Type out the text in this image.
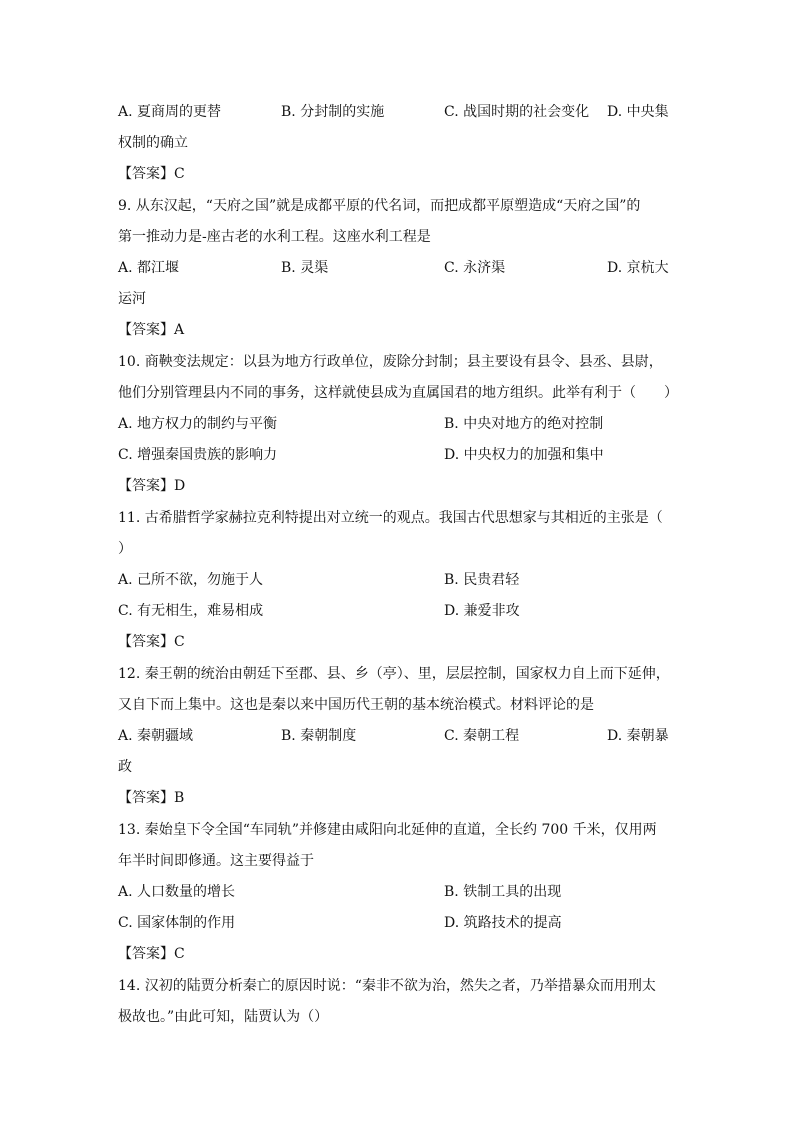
A. 夏商周的更替	B. 分封制的实施	C. 战国时期的社会变化 D. 中央集
权制的确立
【答案】C
9. 从东汉起，“天府之国”就是成都平原的代名词，而把成都平原塑造成“天府之国”的
第一推动力是-座古老的水利工程。这座水利工程是
A. 都江堰	B. 灵渠	C. 永济渠	D. 京杭大
运河
【答案】A
10. 商鞅变法规定：以县为地方行政单位，废除分封制；县主要设有县令、县丞、县尉，
他们分别管理县内不同的事务，这样就使县成为直属国君的地方组织。此举有利于（　　）
A. 地方权力的制约与平衡	B. 中央对地方的绝对控制
C. 增强秦国贵族的影响力	D. 中央权力的加强和集中
【答案】D
11. 古希腊哲学家赫拉克利特提出对立统一的观点。我国古代思想家与其相近的主张是（
）
A. 己所不欲，勿施于人	B. 民贵君轻
C. 有无相生，难易相成	D. 兼爱非攻
【答案】C
12. 秦王朝的统治由朝廷下至郡、县、乡（亭）、里，层层控制，国家权力自上而下延伸，
又自下而上集中。这也是秦以来中国历代王朝的基本统治模式。材料评论的是
A. 秦朝疆域	B. 秦朝制度	C. 秦朝工程	D. 秦朝暴
政
【答案】B
13. 秦始皇下令全国“车同轨”并修建由咸阳向北延伸的直道，全长约 700 千米，仅用两
年半时间即修通。这主要得益于
A. 人口数量的增长	B. 铁制工具的出现
C. 国家体制的作用	D. 筑路技术的提高
【答案】C
14. 汉初的陆贾分析秦亡的原因时说：“秦非不欲为治，然失之者，乃举措暴众而用刑太
极故也。”由此可知，陆贾认为（）
